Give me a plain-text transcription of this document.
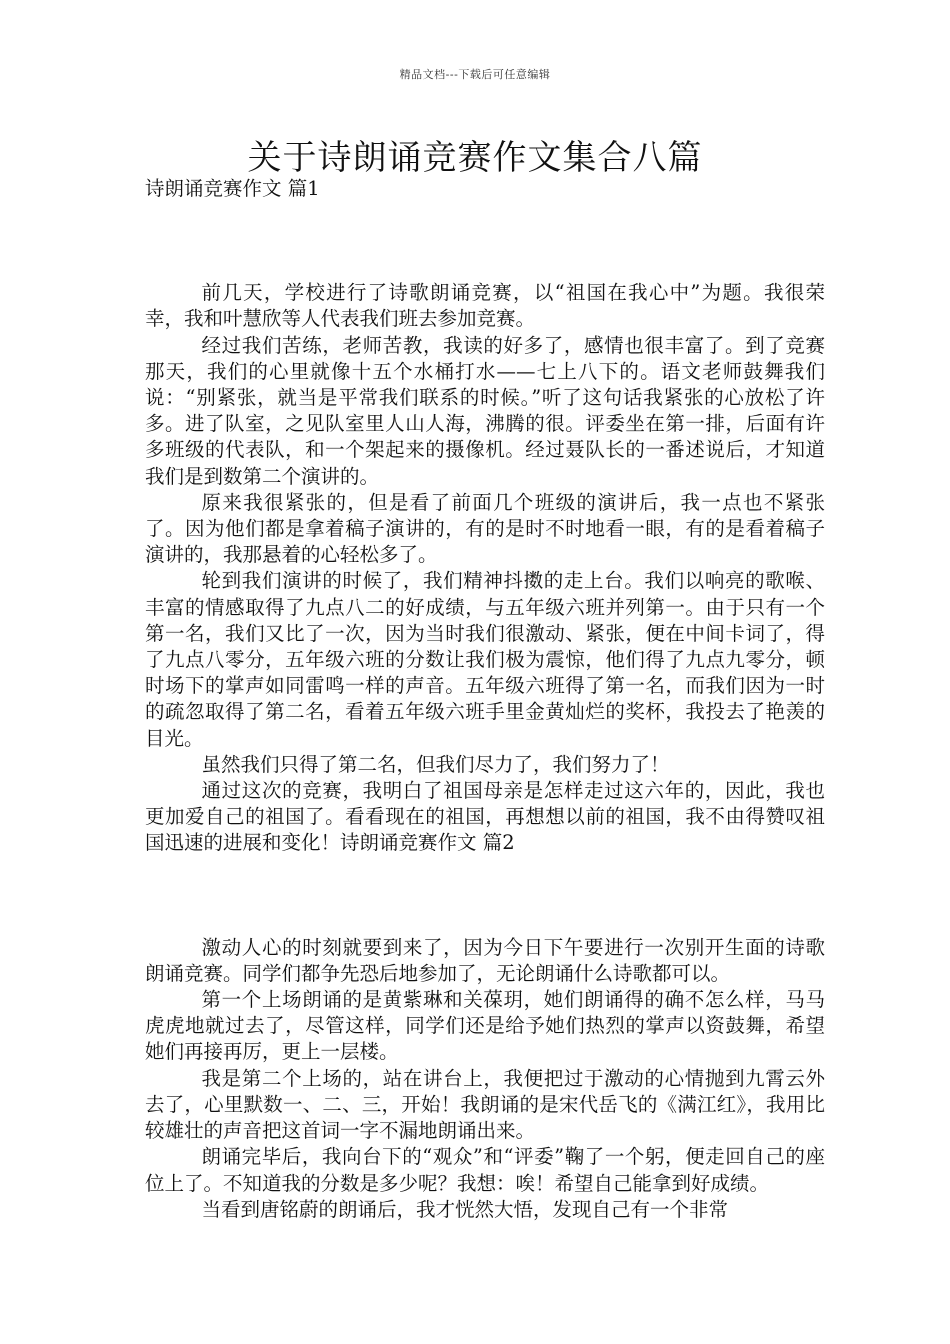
精品文档---下载后可任意编辑
关于诗朗诵竞赛作文集合八篇
诗朗诵竞赛作文 篇1

前几天，学校进行了诗歌朗诵竞赛，以“祖国在我心中”为题。我很荣幸，我和叶慧欣等人代表我们班去参加竞赛。

经过我们苦练，老师苦教，我读的好多了，感情也很丰富了。到了竞赛那天，我们的心里就像十五个水桶打水——七上八下的。语文老师鼓舞我们说：“别紧张，就当是平常我们联系的时候。”听了这句话我紧张的心放松了许多。进了队室，之见队室里人山人海，沸腾的很。评委坐在第一排，后面有许多班级的代表队，和一个架起来的摄像机。经过聂队长的一番述说后，才知道我们是到数第二个演讲的。

原来我很紧张的，但是看了前面几个班级的演讲后，我一点也不紧张了。因为他们都是拿着稿子演讲的，有的是时不时地看一眼，有的是看着稿子演讲的，我那悬着的心轻松多了。

轮到我们演讲的时候了，我们精神抖擞的走上台。我们以响亮的歌喉、丰富的情感取得了九点八二的好成绩，与五年级六班并列第一。由于只有一个第一名，我们又比了一次，因为当时我们很激动、紧张，便在中间卡词了，得了九点八零分，五年级六班的分数让我们极为震惊，他们得了九点九零分，顿时场下的掌声如同雷鸣一样的声音。五年级六班得了第一名，而我们因为一时的疏忽取得了第二名，看着五年级六班手里金黄灿烂的奖杯，我投去了艳羡的目光。

虽然我们只得了第二名，但我们尽力了，我们努力了！

通过这次的竞赛，我明白了祖国母亲是怎样走过这六年的，因此，我也更加爱自己的祖国了。看看现在的祖国，再想想以前的祖国，我不由得赞叹祖国迅速的进展和变化！诗朗诵竞赛作文 篇2

激动人心的时刻就要到来了，因为今日下午要进行一次别开生面的诗歌朗诵竞赛。同学们都争先恐后地参加了，无论朗诵什么诗歌都可以。

第一个上场朗诵的是黄紫琳和关葆玥，她们朗诵得的确不怎么样，马马虎虎地就过去了，尽管这样，同学们还是给予她们热烈的掌声以资鼓舞，希望她们再接再厉，更上一层楼。

我是第二个上场的，站在讲台上，我便把过于激动的心情抛到九霄云外去了，心里默数一、二、三，开始！我朗诵的是宋代岳飞的《满江红》，我用比较雄壮的声音把这首词一字不漏地朗诵出来。

朗诵完毕后，我向台下的“观众”和“评委”鞠了一个躬，便走回自己的座位上了。不知道我的分数是多少呢？我想：唉！希望自己能拿到好成绩。

当看到唐铭蔚的朗诵后，我才恍然大悟，发现自己有一个非常
